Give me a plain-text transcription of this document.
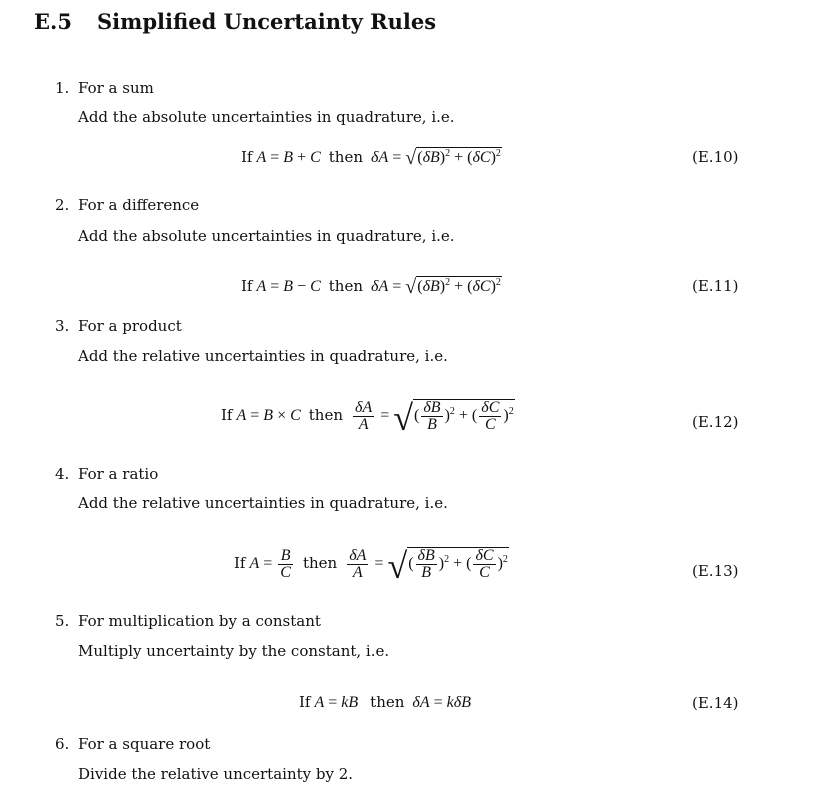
E.5 Simplified Uncertainty Rules
1. For a sum
Add the absolute uncertainties in quadrature, i.e.
If A = B + C then $\delta A = √(\delta B)^2 + (\delta C)^2$	(E.10)
2. For a difference
Add the absolute uncertainties in quadrature, i.e.
If A = B − C then $\delta A = √(\delta B)^2 + (\delta C)^2$	(E.11)
3. For a product
Add the relative uncertainties in quadrature, i.e.
If A = B × C then $\frac{\delta A}{A}$ = √( $\frac{\delta B}{B} )^2$ + ( $\frac{\delta C}{C} )^2$
(E.12)
4. For a ratio
Add the relative uncertainties in quadrature, i.e.
If $A = \frac{B}{C}$ then $\frac{\delta A}{A}$ = √( $\frac{\delta B}{B} )^2$ + ( $\frac{\delta C}{C} )^2$
(E.13)
5. For multiplication by a constant
Multiply uncertainty by the constant, i.e.
If A = kB then δA = kδB	(E.14)
6. For a square root
Divide the relative uncertainty by 2.
